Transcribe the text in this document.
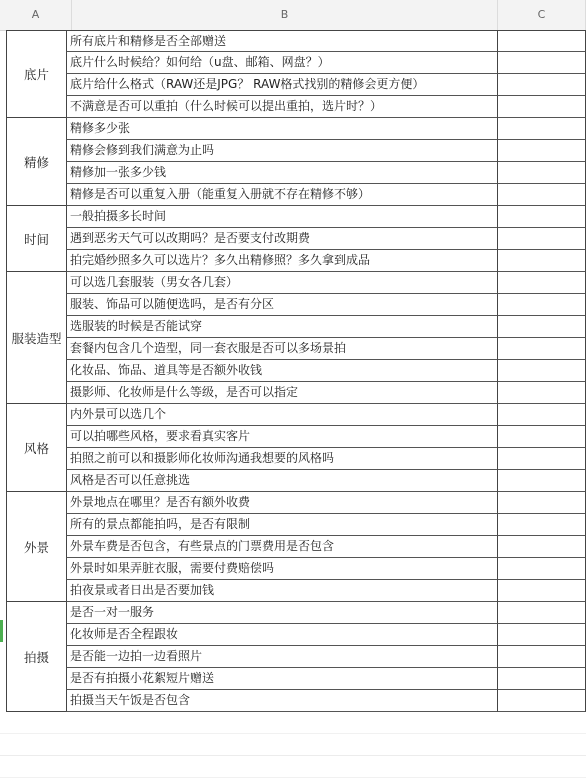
A	B	C
底片
所有底片和精修是否全部赠送
底片什么时候给？如何给（u盘、邮箱、网盘？）
底片给什么格式（RAW还是JPG？ RAW格式找别的精修会更方便）
不满意是否可以重拍（什么时候可以提出重拍，选片时？）
精修
精修多少张
精修会修到我们满意为止吗
精修加一张多少钱
精修是否可以重复入册（能重复入册就不存在精修不够）
时间
一般拍摄多长时间
遇到恶劣天气可以改期吗？是否要支付改期费
拍完婚纱照多久可以选片？多久出精修照？多久拿到成品
服装造型
可以选几套服装（男女各几套）
服装、饰品可以随便选吗，是否有分区
选服装的时候是否能试穿
套餐内包含几个造型，同一套衣服是否可以多场景拍
化妆品、饰品、道具等是否额外收钱
摄影师、化妆师是什么等级，是否可以指定
风格
内外景可以选几个
可以拍哪些风格，要求看真实客片
拍照之前可以和摄影师化妆师沟通我想要的风格吗
风格是否可以任意挑选
外景
外景地点在哪里？是否有额外收费
所有的景点都能拍吗，是否有限制
外景车费是否包含，有些景点的门票费用是否包含
外景时如果弄脏衣服，需要付费赔偿吗
拍夜景或者日出是否要加钱
拍摄
是否一对一服务
化妆师是否全程跟妆
是否能一边拍一边看照片
是否有拍摄小花絮短片赠送
拍摄当天午饭是否包含
